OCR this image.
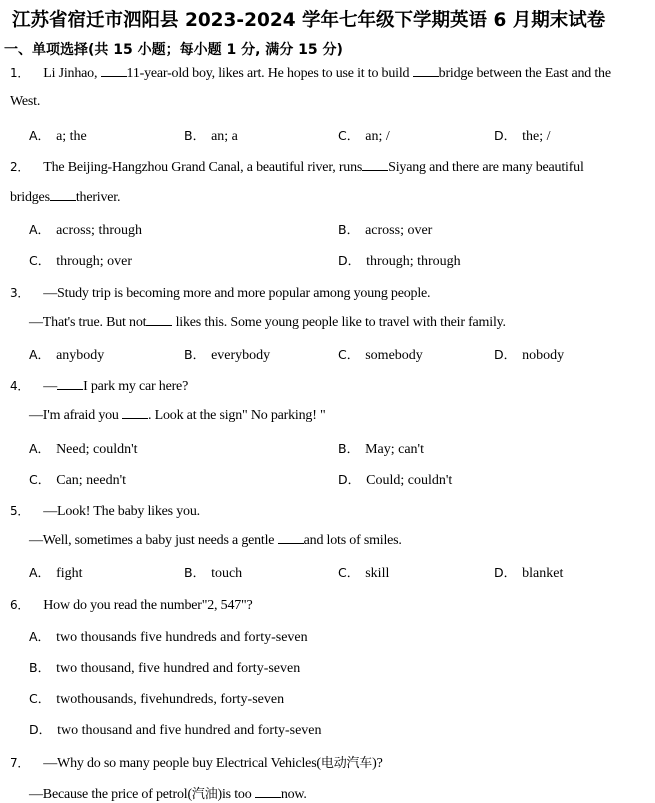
江苏省宿迁市泗阳县 2023-2024 学年七年级下学期英语 6 月期末试卷
一、单项选择(共 15 小题；每小题 1 分, 满分 15 分)
1． Li Jinhao, 11-year-old boy, likes art. He hopes to use it to build bridge between the East and the
West.
A． a; the	B． an; a	C． an; /	D． the; /
2． The Beijing-Hangzhou Grand Canal, a beautiful river, runs Siyang and there are many beautiful
bridges theriver.
A． across; through	B． across; over
C． through; over	D． through; through
3． —Study trip is becoming more and more popular among young people.
—That's true. But not likes this. Some young people like to travel with their family.
A． anybody	B． everybody	C． somebody	D． nobody
4． — I park my car here?
—I'm afraid you . Look at the sign" No parking! "
A． Need; couldn't	B． May; can't
C． Can; needn't	D． Could; couldn't
5． —Look! The baby likes you.
—Well, sometimes a baby just needs a gentle and lots of smiles.
A． fight	B． touch	C． skill	D． blanket
6． How do you read the number"2, 547"?
A． two thousands five hundreds and forty-seven
B． two thousand, five hundred and forty-seven
C． twothousands, fivehundreds, forty-seven
D． two thousand and five hundred and forty-seven
7． —Why do so many people buy Electrical Vehicles(电动汽车)?
—Because the price of petrol(汽油)is too now.
